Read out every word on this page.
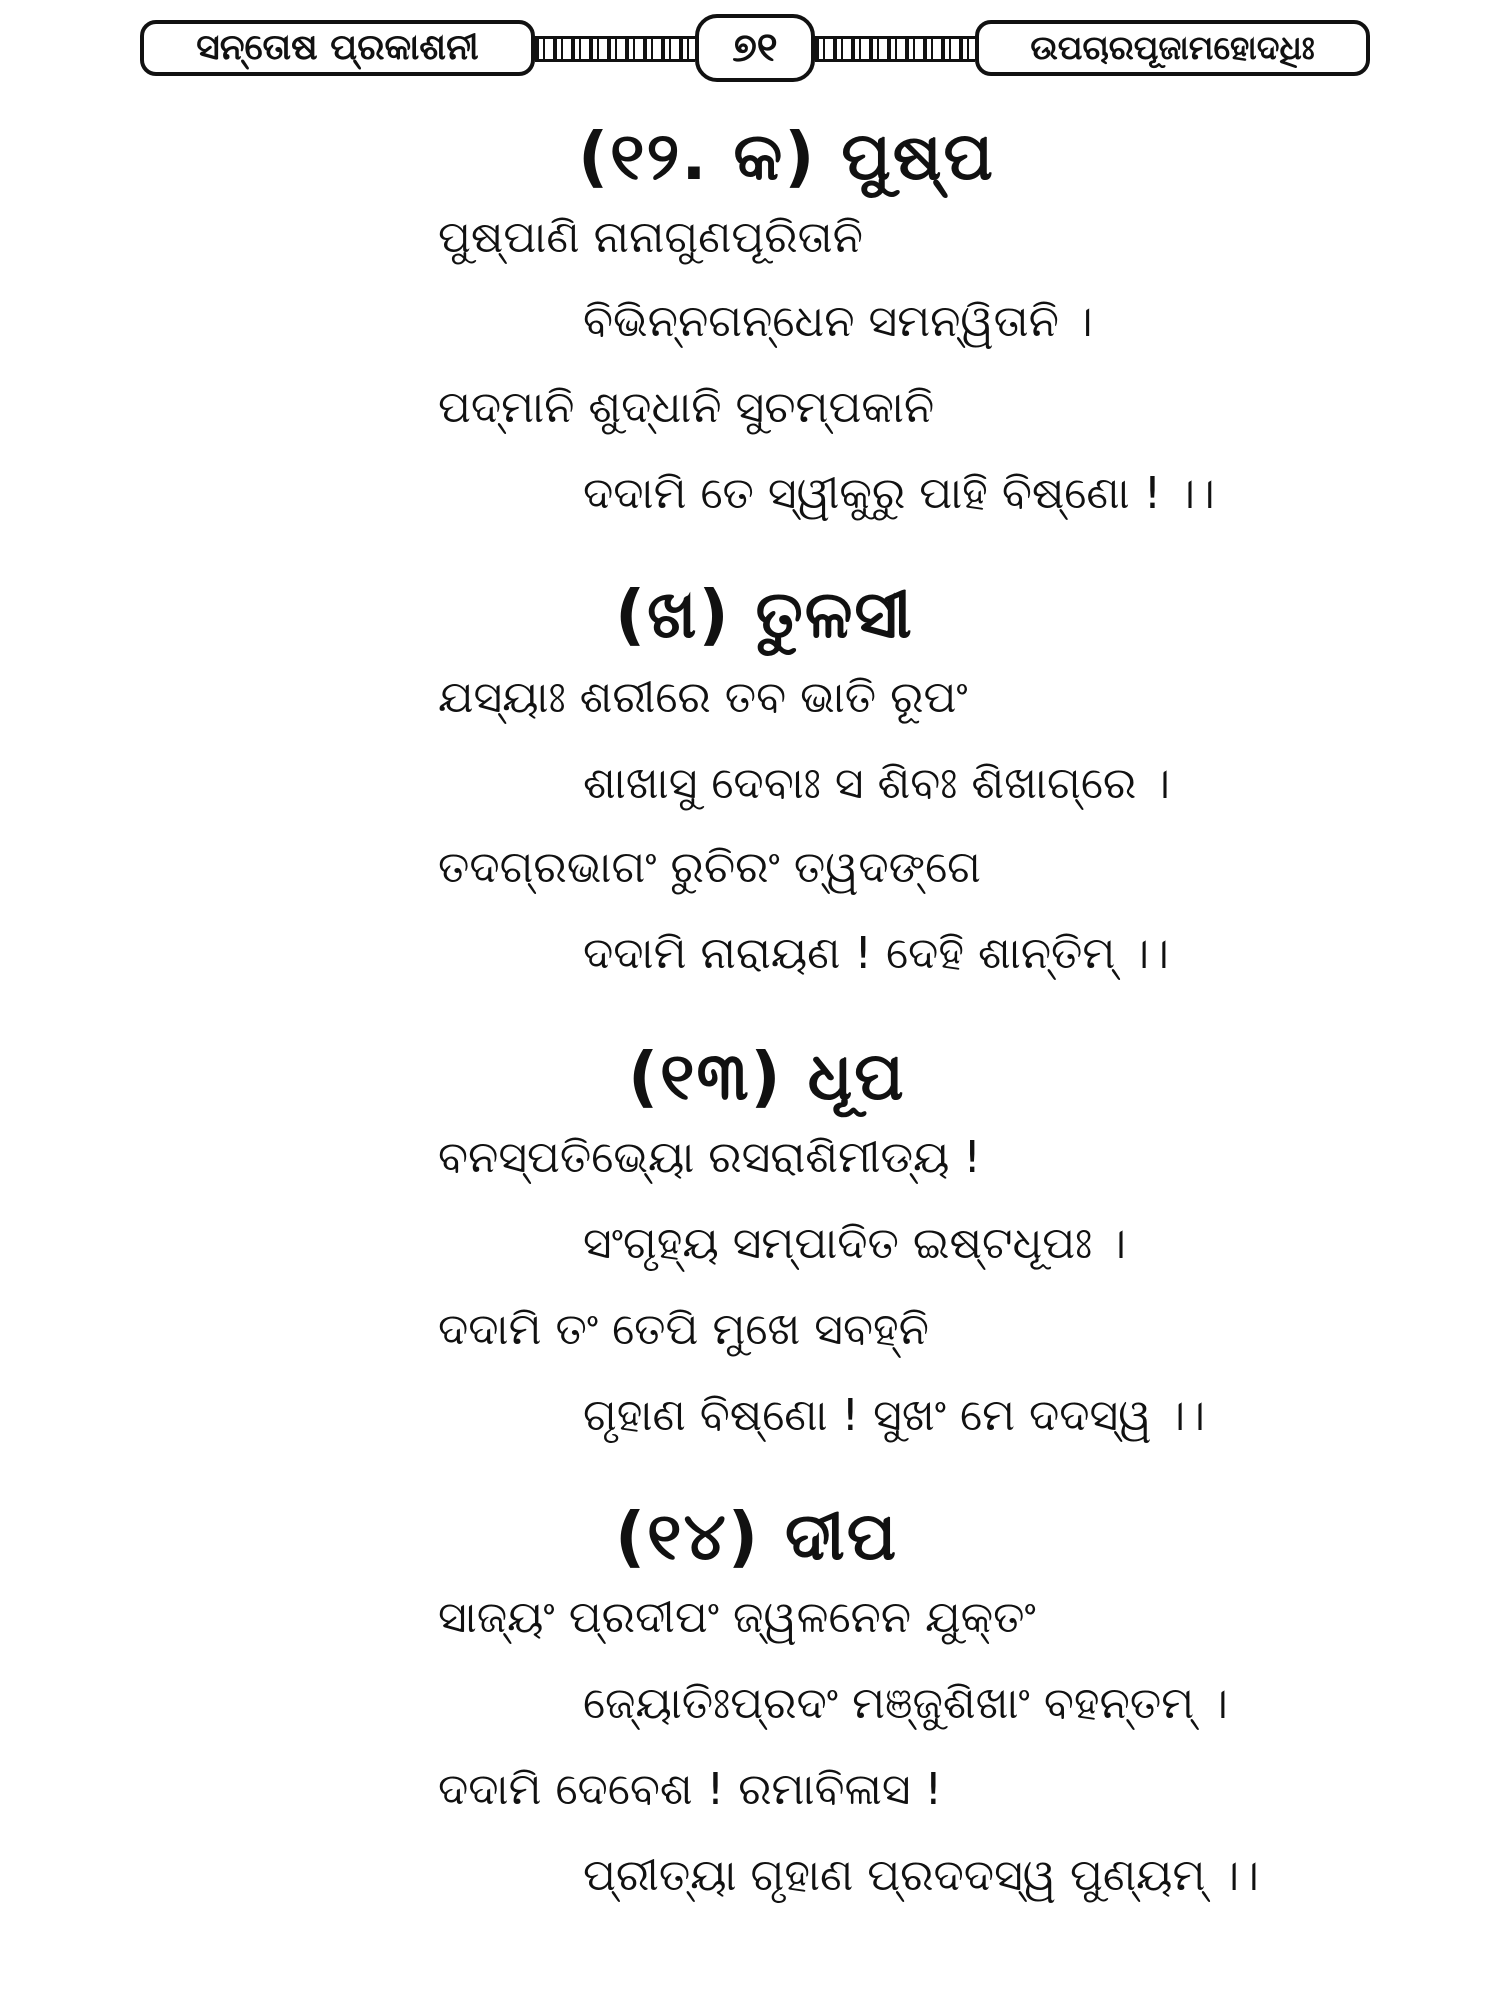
ସନ୍ତୋଷ ପ୍ରକାଶନୀ	୭୧	ଉପଚାରପୂଜାମହୋଦଧିଃ
(୧୨. କ) ପୁଷ୍ପ
ପୁଷ୍ପାଣି ନାନାଗୁଣପୂରିତାନି
ବିଭିନ୍ନଗନ୍ଧେନ ସମନ୍ୱିତାନି ।
ପଦ୍ମାନି ଶୁଦ୍ଧାନି ସୁଚମ୍ପକାନି
ଦଦାମି ତେ ସ୍ୱୀକୁରୁ ପାହି ବିଷ୍ଣୋ ! ।।
(ଖ) ତୁଳସୀ
ଯସ୍ୟାଃ ଶରୀରେ ତବ ଭାତି ରୂପଂ
ଶାଖାସୁ ଦେବାଃ ସ ଶିବଃ ଶିଖାଗ୍ରେ ।
ତଦଗ୍ରଭାଗଂ ରୁଚିରଂ ତ୍ୱଦଙ୍ଗେ
ଦଦାମି ନାରାୟଣ ! ଦେହି ଶାନ୍ତିମ୍ ।।
(୧୩) ଧୂପ
ବନସ୍ପତିଭ୍ୟୋ ରସରାଶିମୀଡ୍ୟ !
ସଂଗୃହ୍ୟ ସମ୍ପାଦିତ ଇଷ୍ଟଧୂପଃ ।
ଦଦାମି ତଂ ତେପି ମୁଖେ ସବହ୍ନି
ଗୃହାଣ ବିଷ୍ଣୋ ! ସୁଖଂ ମେ ଦଦସ୍ୱ ।।
(୧୪) ଦୀପ
ସାଜ୍ୟଂ ପ୍ରଦୀପଂ ଜ୍ୱଳନେନ ଯୁକ୍ତଂ
ଜ୍ୟୋତିଃପ୍ରଦଂ ମଞ୍ଜୁଶିଖାଂ ବହନ୍ତମ୍ ।
ଦଦାମି ଦେବେଶ ! ରମାବିଳାସ !
ପ୍ରୀତ୍ୟା ଗୃହାଣ ପ୍ରଦଦସ୍ୱ ପୁଣ୍ୟମ୍ ।।
